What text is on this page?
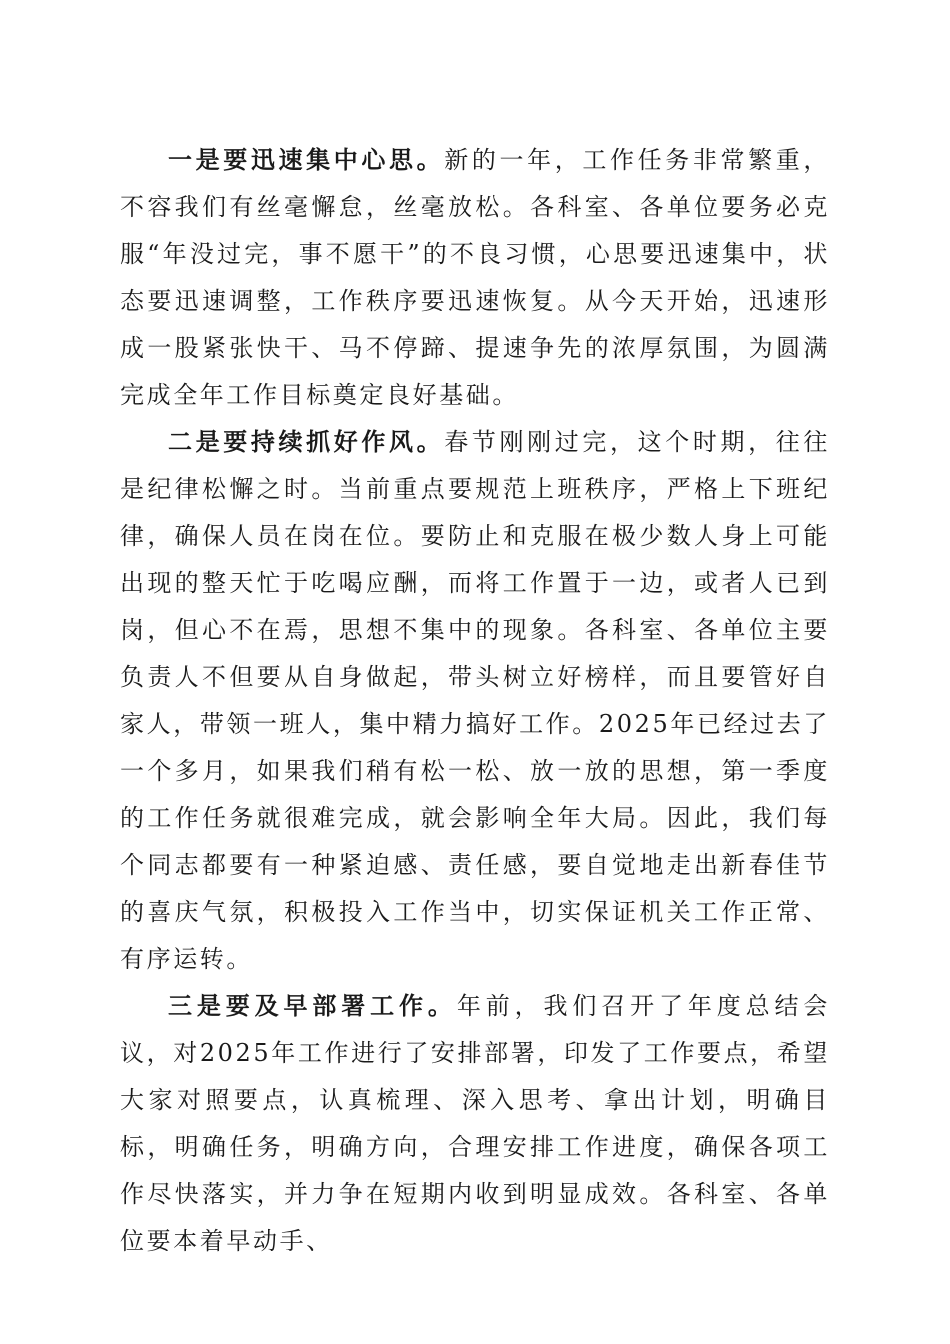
一是要迅速集中心思。新的一年，工作任务非常繁重，不容我们有丝毫懈怠，丝毫放松。各科室、各单位要务必克服“年没过完，事不愿干”的不良习惯，心思要迅速集中，状态要迅速调整，工作秩序要迅速恢复。从今天开始，迅速形成一股紧张快干、马不停蹄、提速争先的浓厚氛围，为圆满完成全年工作目标奠定良好基础。

二是要持续抓好作风。春节刚刚过完，这个时期，往往是纪律松懈之时。当前重点要规范上班秩序，严格上下班纪律，确保人员在岗在位。要防止和克服在极少数人身上可能出现的整天忙于吃喝应酬，而将工作置于一边，或者人已到岗，但心不在焉，思想不集中的现象。各科室、各单位主要负责人不但要从自身做起，带头树立好榜样，而且要管好自家人，带领一班人，集中精力搞好工作。2025年已经过去了一个多月，如果我们稍有松一松、放一放的思想，第一季度的工作任务就很难完成，就会影响全年大局。因此，我们每个同志都要有一种紧迫感、责任感，要自觉地走出新春佳节的喜庆气氛，积极投入工作当中，切实保证机关工作正常、有序运转。

三是要及早部署工作。年前，我们召开了年度总结会议，对2025年工作进行了安排部署，印发了工作要点，希望大家对照要点，认真梳理、深入思考、拿出计划，明确目标，明确任务，明确方向，合理安排工作进度，确保各项工作尽快落实，并力争在短期内收到明显成效。各科室、各单位要本着早动手、
